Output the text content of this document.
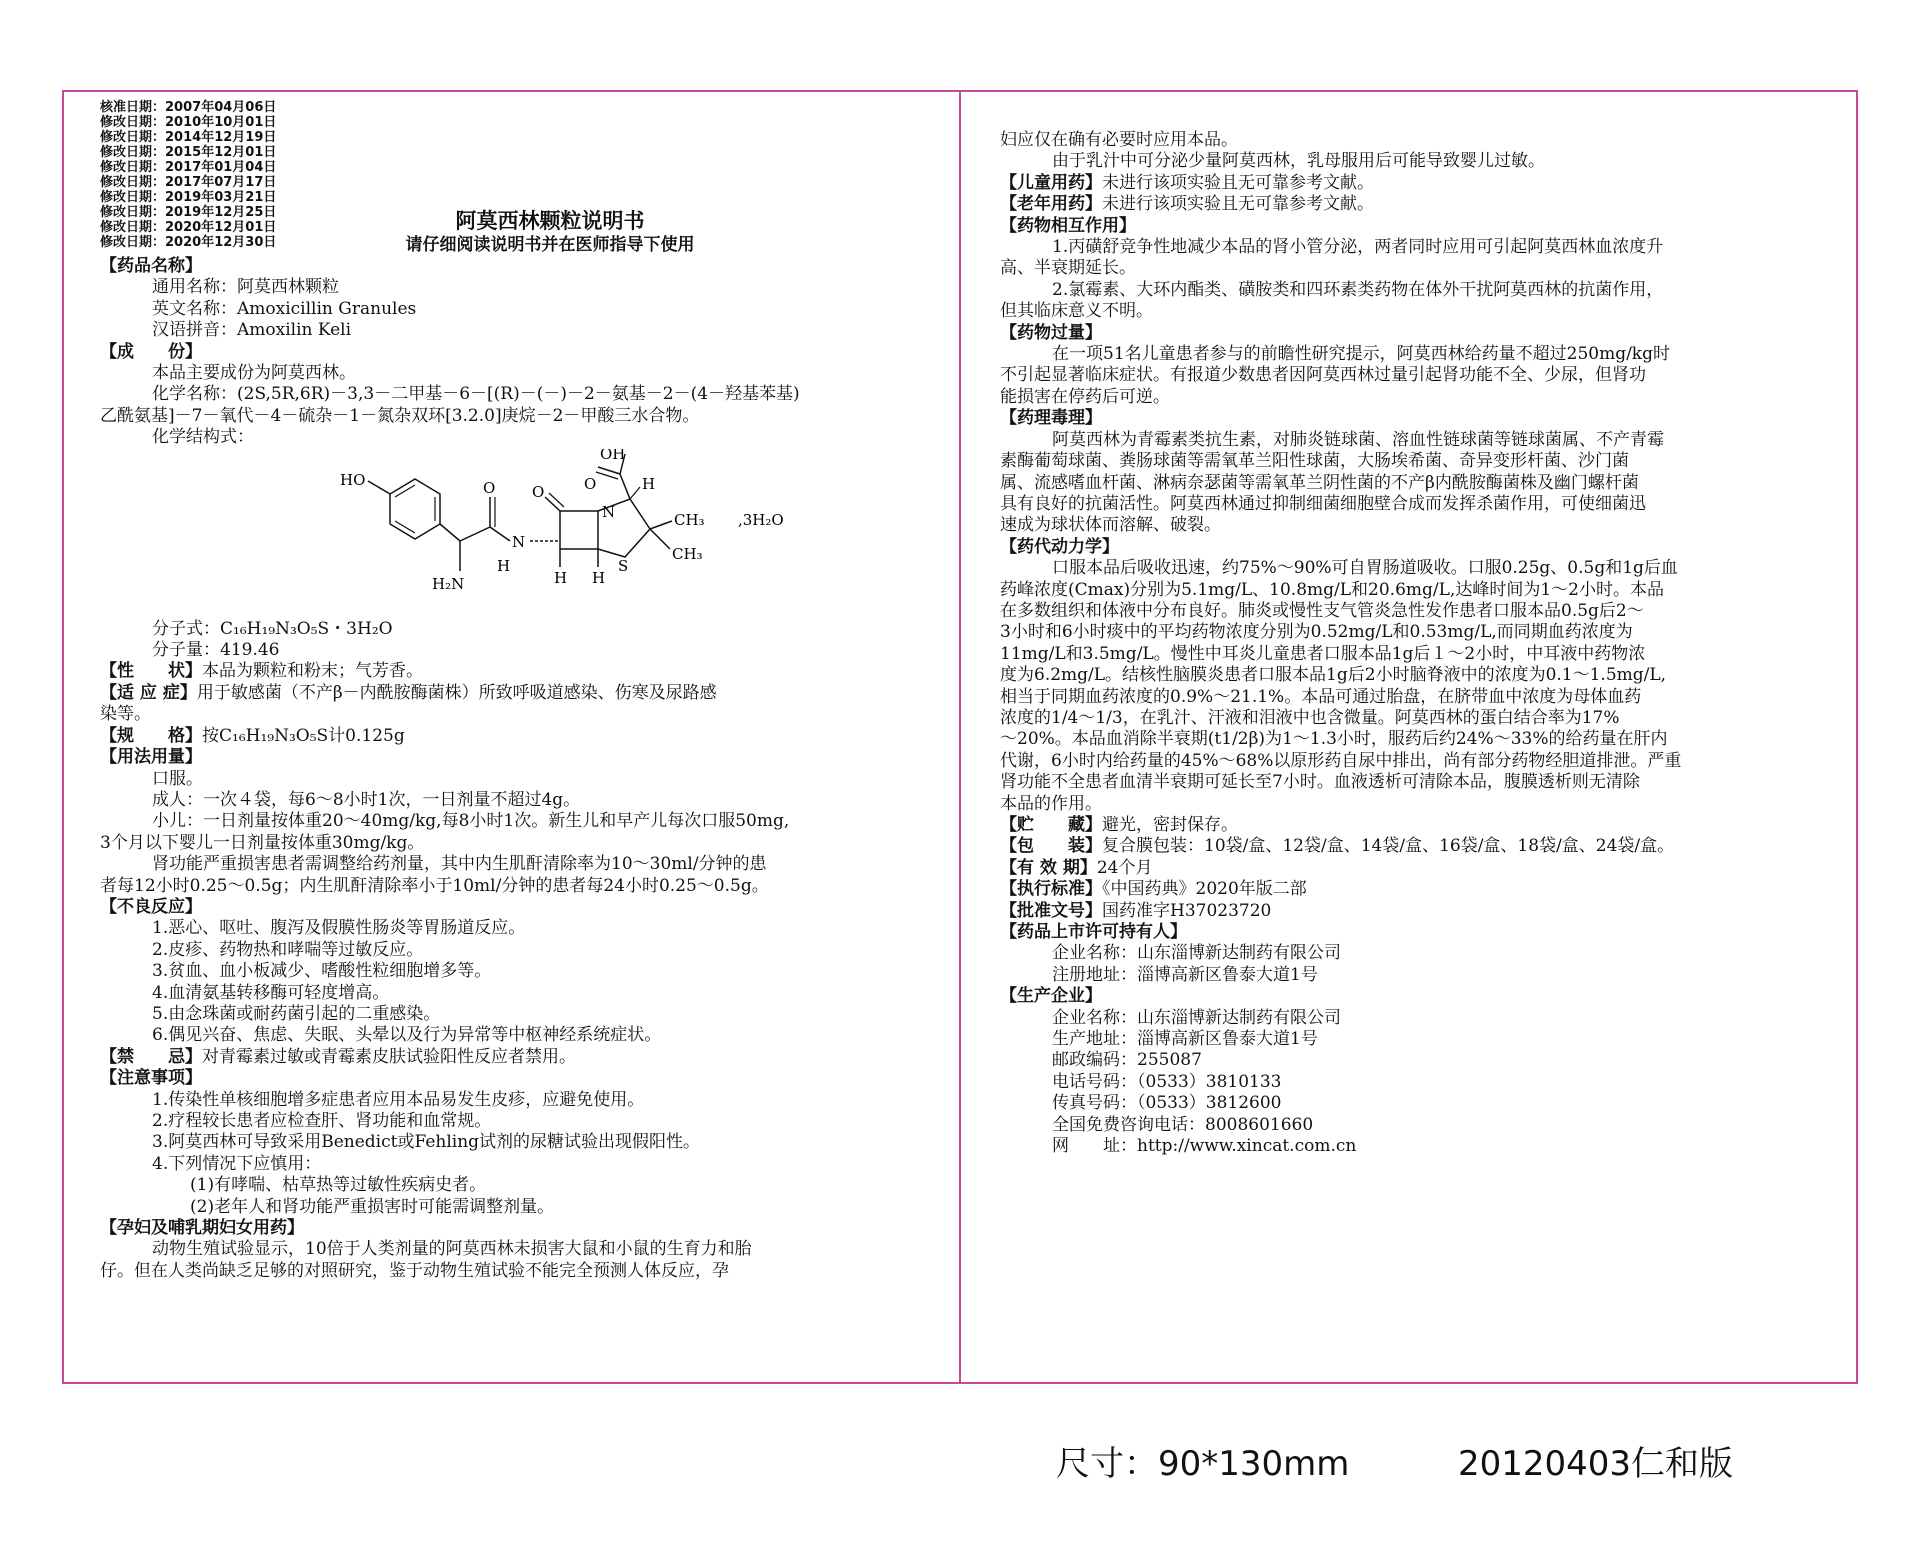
核准日期：2007年04月06日
修改日期：2010年10月01日
修改日期：2014年12月19日
修改日期：2015年12月01日
修改日期：2017年01月04日
修改日期：2017年07月17日
修改日期：2019年03月21日
修改日期：2019年12月25日
修改日期：2020年12月01日
修改日期：2020年12月30日
阿莫西林颗粒说明书
请仔细阅读说明书并在医师指导下使用
【药品名称】
通用名称：阿莫西林颗粒
英文名称：Amoxicillin Granules
汉语拼音：Amoxilin Keli
【成　　份】
本品主要成份为阿莫西林。
化学名称：(2S,5R,6R)－3,3－二甲基－6－[(R)－(－)－2－氨基－2－(4－羟基苯基)
乙酰氨基]－7－氧代－4－硫杂－1－氮杂双环[3.2.0]庚烷－2－甲酸三水合物。
化学结构式：
HO
OH
O O	O
N
N
S
H
H
H H
CH₃
CH₃
,3H₂O
H₂N
分子式：C₁₆H₁₉N₃O₅S・3H₂O
分子量：419.46
【性　　状】本品为颗粒和粉末；气芳香。
【适 应 症】用于敏感菌（不产β－内酰胺酶菌株）所致呼吸道感染、伤寒及尿路感
染等。
【规　　格】按C₁₆H₁₉N₃O₅S计0.125g
【用法用量】
口服。
成人：一次４袋，每6～8小时1次，一日剂量不超过4g。
小儿：一日剂量按体重20～40mg/kg,每8小时1次。新生儿和早产儿每次口服50mg,
3个月以下婴儿一日剂量按体重30mg/kg。
肾功能严重损害患者需调整给药剂量，其中内生肌酐清除率为10～30ml/分钟的患
者每12小时0.25～0.5g；内生肌酐清除率小于10ml/分钟的患者每24小时0.25～0.5g。
【不良反应】
1.恶心、呕吐、腹泻及假膜性肠炎等胃肠道反应。
2.皮疹、药物热和哮喘等过敏反应。
3.贫血、血小板减少、嗜酸性粒细胞增多等。
4.血清氨基转移酶可轻度增高。
5.由念珠菌或耐药菌引起的二重感染。
6.偶见兴奋、焦虑、失眠、头晕以及行为异常等中枢神经系统症状。
【禁　　忌】对青霉素过敏或青霉素皮肤试验阳性反应者禁用。
【注意事项】
1.传染性单核细胞增多症患者应用本品易发生皮疹，应避免使用。
2.疗程较长患者应检查肝、肾功能和血常规。
3.阿莫西林可导致采用Benedict或Fehling试剂的尿糖试验出现假阳性。
4.下列情况下应慎用：
(1)有哮喘、枯草热等过敏性疾病史者。
(2)老年人和肾功能严重损害时可能需调整剂量。
【孕妇及哺乳期妇女用药】
动物生殖试验显示，10倍于人类剂量的阿莫西林未损害大鼠和小鼠的生育力和胎
仔。但在人类尚缺乏足够的对照研究，鉴于动物生殖试验不能完全预测人体反应，孕
妇应仅在确有必要时应用本品。
由于乳汁中可分泌少量阿莫西林，乳母服用后可能导致婴儿过敏。
【儿童用药】未进行该项实验且无可靠参考文献。
【老年用药】未进行该项实验且无可靠参考文献。
【药物相互作用】
1.丙磺舒竞争性地减少本品的肾小管分泌，两者同时应用可引起阿莫西林血浓度升
高、半衰期延长。
2.氯霉素、大环内酯类、磺胺类和四环素类药物在体外干扰阿莫西林的抗菌作用，
但其临床意义不明。
【药物过量】
在一项51名儿童患者参与的前瞻性研究提示，阿莫西林给药量不超过250mg/kg时
不引起显著临床症状。有报道少数患者因阿莫西林过量引起肾功能不全、少尿，但肾功
能损害在停药后可逆。
【药理毒理】
阿莫西林为青霉素类抗生素，对肺炎链球菌、溶血性链球菌等链球菌属、不产青霉
素酶葡萄球菌、粪肠球菌等需氧革兰阳性球菌，大肠埃希菌、奇异变形杆菌、沙门菌
属、流感嗜血杆菌、淋病奈瑟菌等需氧革兰阴性菌的不产β内酰胺酶菌株及幽门螺杆菌
具有良好的抗菌活性。阿莫西林通过抑制细菌细胞壁合成而发挥杀菌作用，可使细菌迅
速成为球状体而溶解、破裂。
【药代动力学】
口服本品后吸收迅速，约75%～90%可自胃肠道吸收。口服0.25g、0.5g和1g后血
药峰浓度(Cmax)分别为5.1mg/L、10.8mg/L和20.6mg/L,达峰时间为1～2小时。本品
在多数组织和体液中分布良好。肺炎或慢性支气管炎急性发作患者口服本品0.5g后2～
3小时和6小时痰中的平均药物浓度分别为0.52mg/L和0.53mg/L,而同期血药浓度为
11mg/L和3.5mg/L。慢性中耳炎儿童患者口服本品1g后１～2小时，中耳液中药物浓
度为6.2mg/L。结核性脑膜炎患者口服本品1g后2小时脑脊液中的浓度为0.1～1.5mg/L,
相当于同期血药浓度的0.9%～21.1%。本品可通过胎盘，在脐带血中浓度为母体血药
浓度的1/4～1/3，在乳汁、汗液和泪液中也含微量。阿莫西林的蛋白结合率为17%
～20%。本品血消除半衰期(t1/2β)为1～1.3小时，服药后约24%～33%的给药量在肝内
代谢，6小时内给药量的45%～68%以原形药自尿中排出，尚有部分药物经胆道排泄。严重
肾功能不全患者血清半衰期可延长至7小时。血液透析可清除本品，腹膜透析则无清除
本品的作用。
【贮　　藏】避光，密封保存。
【包　　装】复合膜包装：10袋/盒、12袋/盒、14袋/盒、16袋/盒、18袋/盒、24袋/盒。
【有 效 期】24个月
【执行标准】《中国药典》2020年版二部
【批准文号】国药准字H37023720
【药品上市许可持有人】
企业名称：山东淄博新达制药有限公司
注册地址：淄博高新区鲁泰大道1号
【生产企业】
企业名称：山东淄博新达制药有限公司
生产地址：淄博高新区鲁泰大道1号
邮政编码：255087
电话号码：（0533）3810133
传真号码：（0533）3812600
全国免费咨询电话：8008601660
网　　址：http://www.xincat.com.cn
尺寸：90*130mm	20120403仁和版
